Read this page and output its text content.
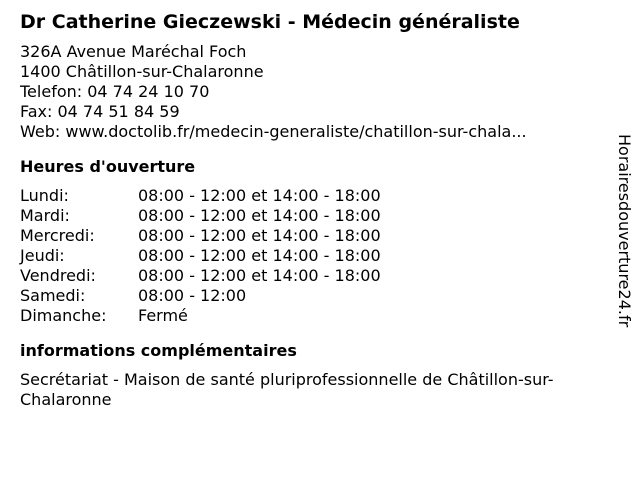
Dr Catherine Gieczewski - Médecin généraliste
326A Avenue Maréchal Foch
1400 Châtillon-sur-Chalaronne
Telefon: 04 74 24 10 70
Fax: 04 74 51 84 59
Web: www.doctolib.fr/medecin-generaliste/chatillon-sur-chala...
Heures d'ouverture
Lundi:	08:00 - 12:00 et 14:00 - 18:00
Mardi:	08:00 - 12:00 et 14:00 - 18:00
Mercredi:	08:00 - 12:00 et 14:00 - 18:00
Jeudi:	08:00 - 12:00 et 14:00 - 18:00
Vendredi:	08:00 - 12:00 et 14:00 - 18:00
Samedi:	08:00 - 12:00
Dimanche:	Fermé
informations complémentaires
Secrétariat - Maison de santé pluriprofessionnelle de Châtillon-sur-Chalaronne
Horairesdouverture24.fr
